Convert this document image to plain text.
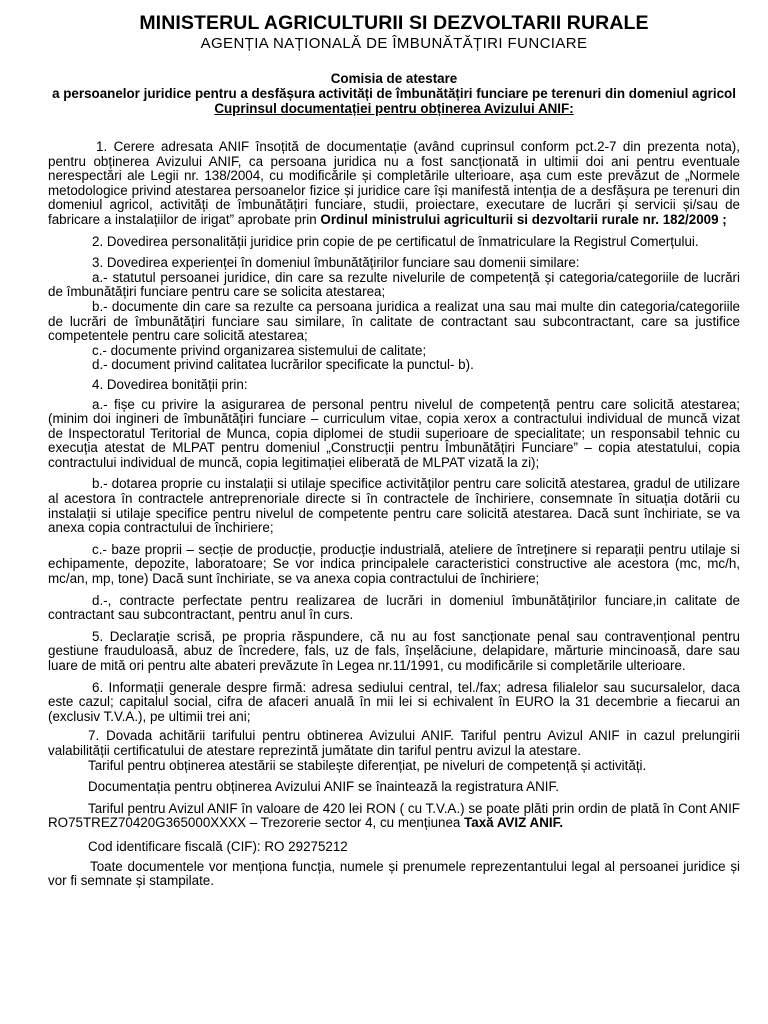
MINISTERUL AGRICULTURII SI DEZVOLTARII RURALE
AGENȚIA NAȚIONALĂ DE ÎMBUNĂTĂȚIRI FUNCIARE
Comisia de atestare
a persoanelor juridice pentru a desfășura activități de îmbunătățiri funciare pe terenuri din domeniul agricol
Cuprinsul documentației pentru obținerea Avizului ANIF:

1. Cerere adresata ANIF însoțită de documentație (având cuprinsul conform pct.2-7 din prezenta nota), pentru obținerea Avizului ANIF, ca persoana juridica nu a fost sancționată in ultimii doi ani pentru eventuale nerespectări ale Legii nr. 138/2004, cu modificările și completările ulterioare, așa cum este prevăzut de „Normele metodologice privind atestarea persoanelor fizice și juridice care își manifestă intenția de a desfășura pe terenuri din domeniul agricol, activități de îmbunătățiri funciare, studii, proiectare, executare de lucrări și servicii și/sau de fabricare a instalațiilor de irigat” aprobate prin Ordinul ministrului agriculturii si dezvoltarii rurale nr. 182/2009 ;

2. Dovedirea personalității juridice prin copie de pe certificatul de înmatriculare la Registrul Comerțului.

3. Dovedirea experienței în domeniul îmbunătățirilor funciare sau domenii similare:

a.- statutul persoanei juridice, din care sa rezulte nivelurile de competență și categoria/categoriile de lucrări de îmbunătățiri funciare pentru care se solicita atestarea;

b.- documente din care sa rezulte ca persoana juridica a realizat una sau mai multe din categoria/categoriile de lucrări de îmbunătățiri funciare sau similare, în calitate de contractant sau subcontractant, care sa justifice competentele pentru care solicită atestarea;

c.- documente privind organizarea sistemului de calitate;

d.- document privind calitatea lucrărilor specificate la punctul- b).

4. Dovedirea bonității prin:

a.- fișe cu privire la asigurarea de personal pentru nivelul de competență pentru care solicită atestarea; (minim doi ingineri de îmbunătățiri funciare – curriculum vitae, copia xerox a contractului individual de muncă vizat de Inspectoratul Teritorial de Munca, copia diplomei de studii superioare de specialitate; un responsabil tehnic cu execuția atestat de MLPAT pentru domeniul „Construcții pentru Îmbunătățiri Funciare” – copia atestatului, copia contractului individual de muncă, copia legitimației eliberată de MLPAT vizată la zi);

b.- dotarea proprie cu instalații si utilaje specifice activităților pentru care solicită atestarea, gradul de utilizare al acestora în contractele antreprenoriale directe si în contractele de închiriere, consemnate în situația dotării cu instalații si utilaje specifice pentru nivelul de competente pentru care solicită atestarea. Dacă sunt închiriate, se va anexa copia contractului de închiriere;

c.- baze proprii – secție de producție, producție industrială, ateliere de întreținere si reparații pentru utilaje si echipamente, depozite, laboratoare; Se vor indica principalele caracteristici constructive ale acestora (mc, mc/h, mc/an, mp, tone) Dacă sunt închiriate, se va anexa copia contractului de închiriere;

d.-, contracte perfectate pentru realizarea de lucrări in domeniul îmbunătățirilor funciare,in calitate de contractant sau subcontractant, pentru anul în curs.

5. Declarație scrisă, pe propria răspundere, că nu au fost sancționate penal sau contravențional pentru gestiune frauduloasă, abuz de încredere, fals, uz de fals, înșelăciune, delapidare, mărturie mincinoasă, dare sau luare de mită ori pentru alte abateri prevăzute în Legea nr.11/1991, cu modificările si completările ulterioare.

6. Informații generale despre firmă: adresa sediului central, tel./fax; adresa filialelor sau sucursalelor, daca este cazul; capitalul social, cifra de afaceri anuală în mii lei si echivalent în EURO la 31 decembrie a fiecarui an (exclusiv T.V.A.), pe ultimii trei ani;

7. Dovada achitării tarifului pentru obtinerea Avizului ANIF. Tariful pentru Avizul ANIF in cazul prelungirii valabilității certificatului de atestare reprezintă jumătate din tariful pentru avizul la atestare.

Tariful pentru obținerea atestării se stabilește diferențiat, pe niveluri de competență și activități.

Documentația pentru obținerea Avizului ANIF se înaintează la registratura ANIF.

Tariful pentru Avizul ANIF în valoare de 420 lei RON ( cu T.V.A.) se poate plăti prin ordin de plată în Cont ANIF RO75TREZ70420G365000XXXX – Trezorerie sector 4, cu mențiunea Taxă AVIZ ANIF.

Cod identificare fiscală (CIF): RO 29275212

Toate documentele vor menționa funcția, numele și prenumele reprezentantului legal al persoanei juridice și vor fi semnate și stampilate.
